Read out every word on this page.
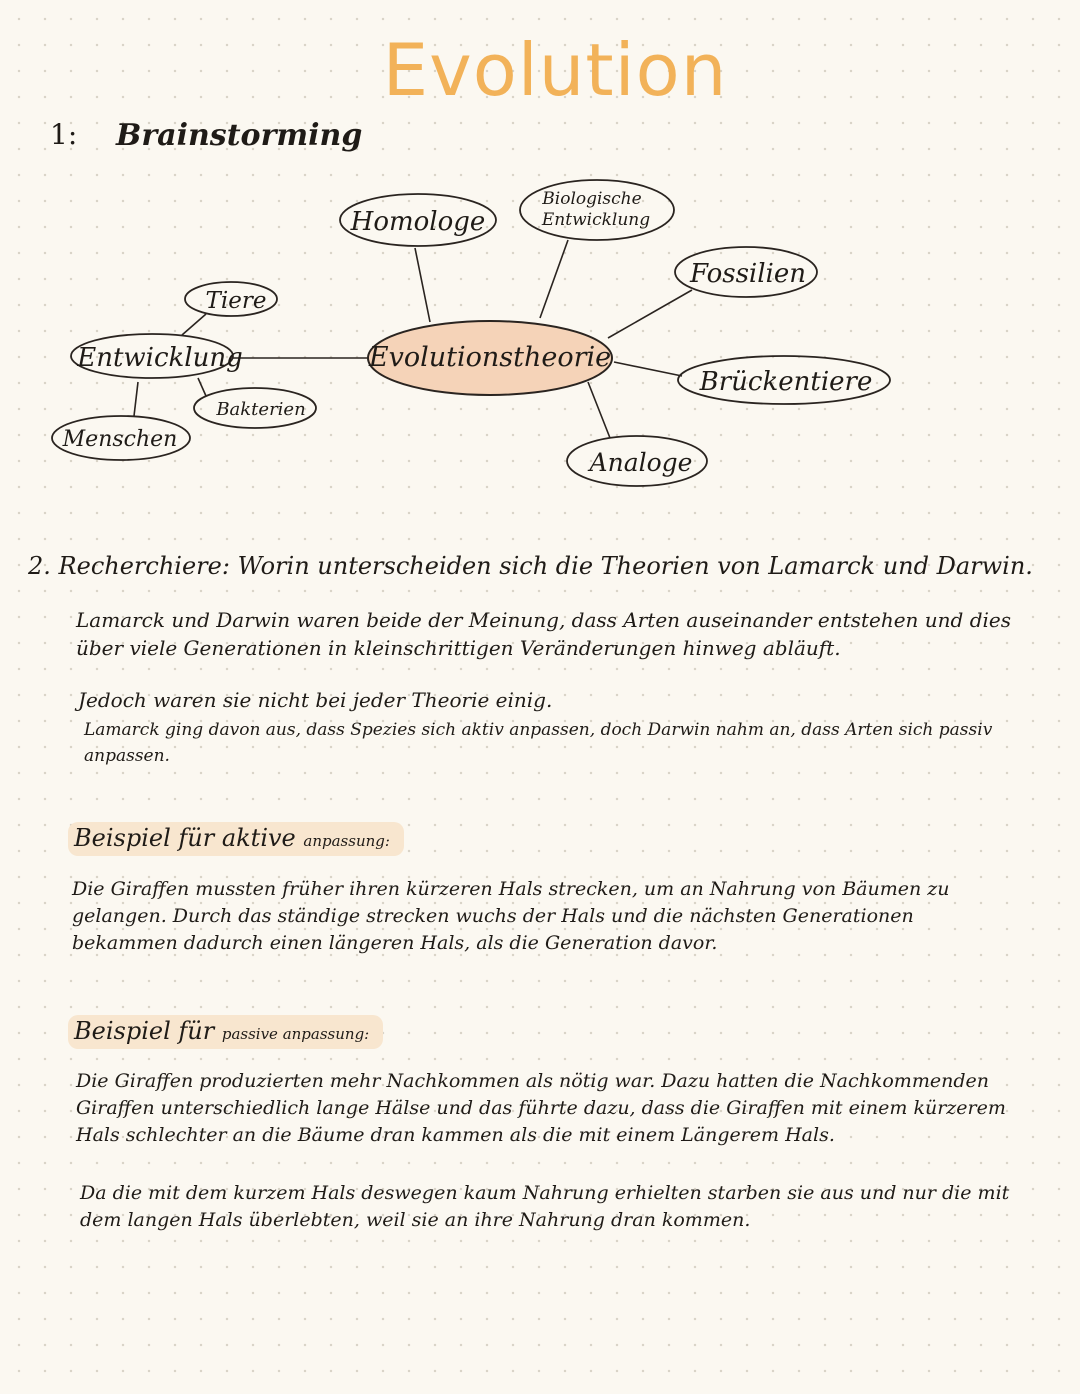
Evolution
1: Brainstorming
Evolutionstheorie
Homologe
Biologische
Entwicklung
Fossilien
Brückentiere
Analoge
Entwicklung
Tiere
Bakterien
Menschen
2. Recherchiere: Worin unterscheiden sich die Theorien von Lamarck und Darwin.
Lamarck und Darwin waren beide der Meinung, dass Arten auseinander entstehen und dies über viele Generationen in kleinschrittigen Veränderungen hinweg abläuft.
Jedoch waren sie nicht bei jeder Theorie einig.
Lamarck ging davon aus, dass Spezies sich aktiv anpassen, doch Darwin nahm an, dass Arten sich passiv anpassen.
Beispiel für aktive anpassung:
Die Giraffen mussten früher ihren kürzeren Hals strecken, um an Nahrung von Bäumen zu gelangen. Durch das ständige strecken wuchs der Hals und die nächsten Generationen bekammen dadurch einen längeren Hals, als die Generation davor.
Beispiel für passive anpassung:
Die Giraffen produzierten mehr Nachkommen als nötig war. Dazu hatten die Nachkommenden Giraffen unterschiedlich lange Hälse und das führte dazu, dass die Giraffen mit einem kürzerem Hals schlechter an die Bäume dran kammen als die mit einem Längerem Hals.
Da die mit dem kurzem Hals deswegen kaum Nahrung erhielten starben sie aus und nur die mit dem langen Hals überlebten, weil sie an ihre Nahrung dran kommen.
